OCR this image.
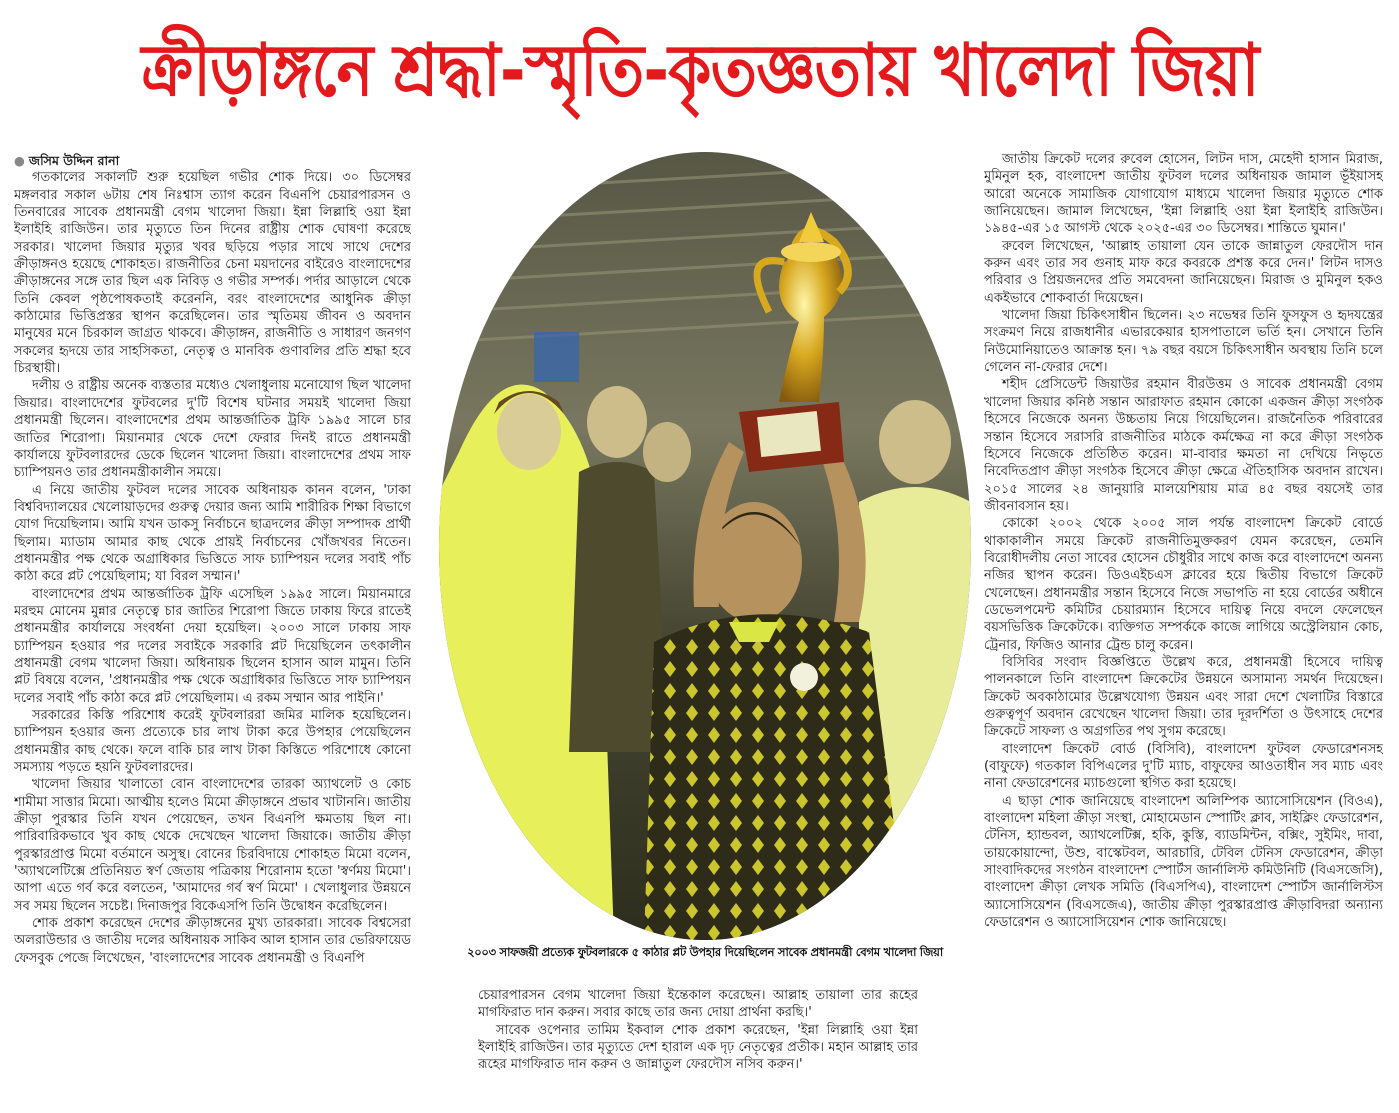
ক্রীড়াঙ্গনে শ্রদ্ধা-স্মৃতি-কৃতজ্ঞতায় খালেদা জিয়া

● জসিম উদ্দিন রানা

গতকালের সকালটি শুরু হয়েছিল গভীর শোক দিয়ে। ৩০ ডিসেম্বর মঙ্গলবার সকাল ৬টায় শেষ নিঃশ্বাস ত্যাগ করেন বিএনপি চেয়ারপারসন ও তিনবারের সাবেক প্রধানমন্ত্রী বেগম খালেদা জিয়া। ইন্না লিল্লাহি ওয়া ইন্না ইলাইহি রাজিউন। তার মৃত্যুতে তিন দিনের রাষ্ট্রীয় শোক ঘোষণা করেছে সরকার। খালেদা জিয়ার মৃত্যুর খবর ছড়িয়ে পড়ার সাথে সাথে দেশের ক্রীড়াঙ্গনও হয়েছে শোকাহত। রাজনীতির চেনা ময়দানের বাইরেও বাংলাদেশের ক্রীড়াঙ্গনের সঙ্গে তার ছিল এক নিবিড় ও গভীর সম্পর্ক। পর্দার আড়ালে থেকে তিনি কেবল পৃষ্ঠপোষকতাই করেননি, বরং বাংলাদেশের আধুনিক ক্রীড়া কাঠামোর ভিত্তিপ্রস্তর স্থাপন করেছিলেন। তার স্মৃতিময় জীবন ও অবদান মানুষের মনে চিরকাল জাগ্রত থাকবে। ক্রীড়াঙ্গন, রাজনীতি ও সাধারণ জনগণ সকলের হৃদয়ে তার সাহসিকতা, নেতৃত্ব ও মানবিক গুণাবলির প্রতি শ্রদ্ধা হবে চিরস্থায়ী।

দলীয় ও রাষ্ট্রীয় অনেক ব্যস্ততার মধ্যেও খেলাধুলায় মনোযোগ ছিল খালেদা জিয়ার। বাংলাদেশের ফুটবলের দু'টি বিশেষ ঘটনার সময়ই খালেদা জিয়া প্রধানমন্ত্রী ছিলেন। বাংলাদেশের প্রথম আন্তর্জাতিক ট্রফি ১৯৯৫ সালে চার জাতির শিরোপা। মিয়ানমার থেকে দেশে ফেরার দিনই রাতে প্রধানমন্ত্রী কার্যালয়ে ফুটবলারদের ডেকে ছিলেন খালেদা জিয়া। বাংলাদেশের প্রথম সাফ চ্যাম্পিয়নও তার প্রধানমন্ত্রীকালীন সময়ে।

এ নিয়ে জাতীয় ফুটবল দলের সাবেক অধিনায়ক কানন বলেন, 'ঢাকা বিশ্ববিদ্যালয়ের খেলোয়াড়দের গুরুত্ব দেয়ার জন্য আমি শারীরিক শিক্ষা বিভাগে যোগ দিয়েছিলাম। আমি যখন ডাকসু নির্বাচনে ছাত্রদলের ক্রীড়া সম্পাদক প্রার্থী ছিলাম। ম্যাডাম আমার কাছ থেকে প্রায়ই নির্বাচনের খোঁজখবর নিতেন। প্রধানমন্ত্রীর পক্ষ থেকে অগ্রাধিকার ভিত্তিতে সাফ চ্যাম্পিয়ন দলের সবাই পাঁচ কাঠা করে প্লট পেয়েছিলাম; যা বিরল সম্মান।'

বাংলাদেশের প্রথম আন্তর্জাতিক ট্রফি এসেছিল ১৯৯৫ সালে। মিয়ানমারে মরহুম মোনেম মুন্নার নেতৃত্বে চার জাতির শিরোপা জিতে ঢাকায় ফিরে রাতেই প্রধানমন্ত্রীর কার্যালয়ে সংবর্ধনা দেয়া হয়েছিল। ২০০৩ সালে ঢাকায় সাফ চ্যাম্পিয়ন হওয়ার পর দলের সবাইকে সরকারি প্লট দিয়েছিলেন তৎকালীন প্রধানমন্ত্রী বেগম খালেদা জিয়া। অধিনায়ক ছিলেন হাসান আল মামুন। তিনি প্লট বিষয়ে বলেন, 'প্রধানমন্ত্রীর পক্ষ থেকে অগ্রাধিকার ভিত্তিতে সাফ চ্যাম্পিয়ন দলের সবাই পাঁচ কাঠা করে প্লট পেয়েছিলাম। এ রকম সম্মান আর পাইনি।'

সরকারের কিস্তি পরিশোধ করেই ফুটবলাররা জমির মালিক হয়েছিলেন। চ্যাম্পিয়ন হওয়ার জন্য প্রত্যেকে চার লাখ টাকা করে উপহার পেয়েছিলেন প্রধানমন্ত্রীর কাছ থেকে। ফলে বাকি চার লাখ টাকা কিস্তিতে পরিশোধে কোনো সমস্যায় পড়তে হয়নি ফুটবলারদের।

খালেদা জিয়ার খালাতো বোন বাংলাদেশের তারকা অ্যাথলেট ও কোচ শামীমা সাত্তার মিমো। আত্মীয় হলেও মিমো ক্রীড়াঙ্গনে প্রভাব খাটাননি। জাতীয় ক্রীড়া পুরস্কার তিনি যখন পেয়েছেন, তখন বিএনপি ক্ষমতায় ছিল না। পারিবারিকভাবে খুব কাছ থেকে দেখেছেন খালেদা জিয়াকে। জাতীয় ক্রীড়া পুরস্কারপ্রাপ্ত মিমো বর্তমানে অসুস্থ। বোনের চিরবিদায়ে শোকাহত মিমো বলেন, 'অ্যাথলেটিক্সে প্রতিনিয়ত স্বর্ণ জেতায় পত্রিকায় শিরোনাম হতো 'স্বর্ণময় মিমো'। আপা এতে গর্ব করে বলতেন, 'আমাদের গর্ব স্বর্ণ মিমো' । খেলাধুলার উন্নয়নে সব সময় ছিলেন সচেষ্ট। দিনাজপুর বিকেএসপি তিনি উদ্বোধন করেছিলেন।

শোক প্রকাশ করেছেন দেশের ক্রীড়াঙ্গনের মুখ্য তারকারা। সাবেক বিশ্বসেরা অলরাউন্ডার ও জাতীয় দলের অধিনায়ক সাকিব আল হাসান তার ভেরিফায়েড ফেসবুক পেজে লিখেছেন, 'বাংলাদেশের সাবেক প্রধানমন্ত্রী ও বিএনপি	২০০৩ সাফজয়ী প্রত্যেক ফুটবলারকে ৫ কাঠার প্লট উপহার দিয়েছিলেন সাবেক প্রধানমন্ত্রী বেগম খালেদা জিয়া

চেয়ারপারসন বেগম খালেদা জিয়া ইন্তেকাল করেছেন। আল্লাহ তায়ালা তার রূহের মাগফিরাত দান করুন। সবার কাছে তার জন্য দোয়া প্রার্থনা করছি।'

সাবেক ওপেনার তামিম ইকবাল শোক প্রকাশ করেছেন, 'ইন্না লিল্লাহি ওয়া ইন্না ইলাইহি রাজিউন। তার মৃত্যুতে দেশ হারাল এক দৃঢ় নেতৃত্বের প্রতীক। মহান আল্লাহ তার রূহের মাগফিরাত দান করুন ও জান্নাতুল ফেরদৌস নসিব করুন।'

জাতীয় ক্রিকেট দলের রুবেল হোসেন, লিটন দাস, মেহেদী হাসান মিরাজ, মুমিনুল হক, বাংলাদেশ জাতীয় ফুটবল দলের অধিনায়ক জামাল ভূঁইয়াসহ আরো অনেকে সামাজিক যোগাযোগ মাধ্যমে খালেদা জিয়ার মৃত্যুতে শোক জানিয়েছেন। জামাল লিখেছেন, 'ইন্না লিল্লাহি ওয়া ইন্না ইলাইহি রাজিউন। ১৯৪৫-এর ১৫ আগস্ট থেকে ২০২৫-এর ৩০ ডিসেম্বর। শান্তিতে ঘুমান।'

রুবেল লিখেছেন, 'আল্লাহ তায়ালা যেন তাকে জান্নাতুল ফেরদৌস দান করুন এবং তার সব গুনাহ মাফ করে কবরকে প্রশস্ত করে দেন।' লিটন দাসও পরিবার ও প্রিয়জনদের প্রতি সমবেদনা জানিয়েছেন। মিরাজ ও মুমিনুল হকও একইভাবে শোকবার্তা দিয়েছেন।

খালেদা জিয়া চিকিৎসাধীন ছিলেন। ২৩ নভেম্বর তিনি ফুসফুস ও হৃদযন্ত্রের সংক্রমণ নিয়ে রাজধানীর এভারকেয়ার হাসপাতালে ভর্তি হন। সেখানে তিনি নিউমোনিয়াতেও আক্রান্ত হন। ৭৯ বছর বয়সে চিকিৎসাধীন অবস্থায় তিনি চলে গেলেন না-ফেরার দেশে।

শহীদ প্রেসিডেন্ট জিয়াউর রহমান বীরউত্তম ও সাবেক প্রধানমন্ত্রী বেগম খালেদা জিয়ার কনিষ্ঠ সন্তান আরাফাত রহমান কোকো একজন ক্রীড়া সংগঠক হিসেবে নিজেকে অনন্য উচ্চতায় নিয়ে গিয়েছিলেন। রাজনৈতিক পরিবারের সন্তান হিসেবে সরাসরি রাজনীতির মাঠকে কর্মক্ষেত্র না করে ক্রীড়া সংগঠক হিসেবে নিজেকে প্রতিষ্ঠিত করেন। মা-বাবার ক্ষমতা না দেখিয়ে নিভৃতে নিবেদিতপ্রাণ ক্রীড়া সংগঠক হিসেবে ক্রীড়া ক্ষেত্রে ঐতিহাসিক অবদান রাখেন। ২০১৫ সালের ২৪ জানুয়ারি মালয়েশিয়ায় মাত্র ৪৫ বছর বয়সেই তার জীবনাবসান হয়।

কোকো ২০০২ থেকে ২০০৫ সাল পর্যন্ত বাংলাদেশ ক্রিকেট বোর্ডে থাকাকালীন সময়ে ক্রিকেট রাজনীতিমুক্তকরণ যেমন করেছেন, তেমনি বিরোধীদলীয় নেতা সাবের হোসেন চৌধুরীর সাথে কাজ করে বাংলাদেশে অনন্য নজির স্থাপন করেন। ডিওএইচএস ক্লাবের হয়ে দ্বিতীয় বিভাগে ক্রিকেট খেলেছেন। প্রধানমন্ত্রীর সন্তান হিসেবে নিজে সভাপতি না হয়ে বোর্ডের অধীনে ডেভেলপমেন্ট কমিটির চেয়ারম্যান হিসেবে দায়িত্ব নিয়ে বদলে ফেলেছেন বয়সভিত্তিক ক্রিকেটকে। ব্যক্তিগত সম্পর্ককে কাজে লাগিয়ে অস্ট্রেলিয়ান কোচ, ট্রেনার, ফিজিও আনার ট্রেন্ড চালু করেন।

বিসিবির সংবাদ বিজ্ঞপ্তিতে উল্লেখ করে, প্রধানমন্ত্রী হিসেবে দায়িত্ব পালনকালে তিনি বাংলাদেশ ক্রিকেটের উন্নয়নে অসামান্য সমর্থন দিয়েছেন। ক্রিকেট অবকাঠামোর উল্লেখযোগ্য উন্নয়ন এবং সারা দেশে খেলাটির বিস্তারে গুরুত্বপূর্ণ অবদান রেখেছেন খালেদা জিয়া। তার দূরদর্শিতা ও উৎসাহে দেশের ক্রিকেটে সাফল্য ও অগ্রগতির পথ সুগম করেছে।

বাংলাদেশ ক্রিকেট বোর্ড (বিসিবি), বাংলাদেশ ফুটবল ফেডারেশনসহ (বাফুফে) গতকাল বিপিএলের দু'টি ম্যাচ, বাফুফের আওতাধীন সব ম্যাচ এবং নানা ফেডারেশনের ম্যাচগুলো স্থগিত করা হয়েছে।

এ ছাড়া শোক জানিয়েছে বাংলাদেশ অলিম্পিক অ্যাসোসিয়েশন (বিওএ), বাংলাদেশ মহিলা ক্রীড়া সংস্থা, মোহামেডান স্পোর্টিং ক্লাব, সাইক্লিং ফেডারেশন, টেনিস, হ্যান্ডবল, অ্যাথলেটিক্স, হকি, কুস্তি, ব্যাডমিন্টন, বক্সিং, সুইমিং, দাবা, তায়কোয়ান্দো, উশু, বাস্কেটবল, আরচারি, টেবিল টেনিস ফেডারেশন, ক্রীড়া সাংবাদিকদের সংগঠন বাংলাদেশ স্পোর্টস জার্নালিস্ট কমিউনিটি (বিএসজেসি), বাংলাদেশ ক্রীড়া লেখক সমিতি (বিএসপিএ), বাংলাদেশ স্পোর্টস জার্নালিস্টস অ্যাসোসিয়েশন (বিএসজেএ), জাতীয় ক্রীড়া পুরস্কারপ্রাপ্ত ক্রীড়াবিদরা অন্যান্য ফেডারেশন ও অ্যাসোসিয়েশন শোক জানিয়েছে।
